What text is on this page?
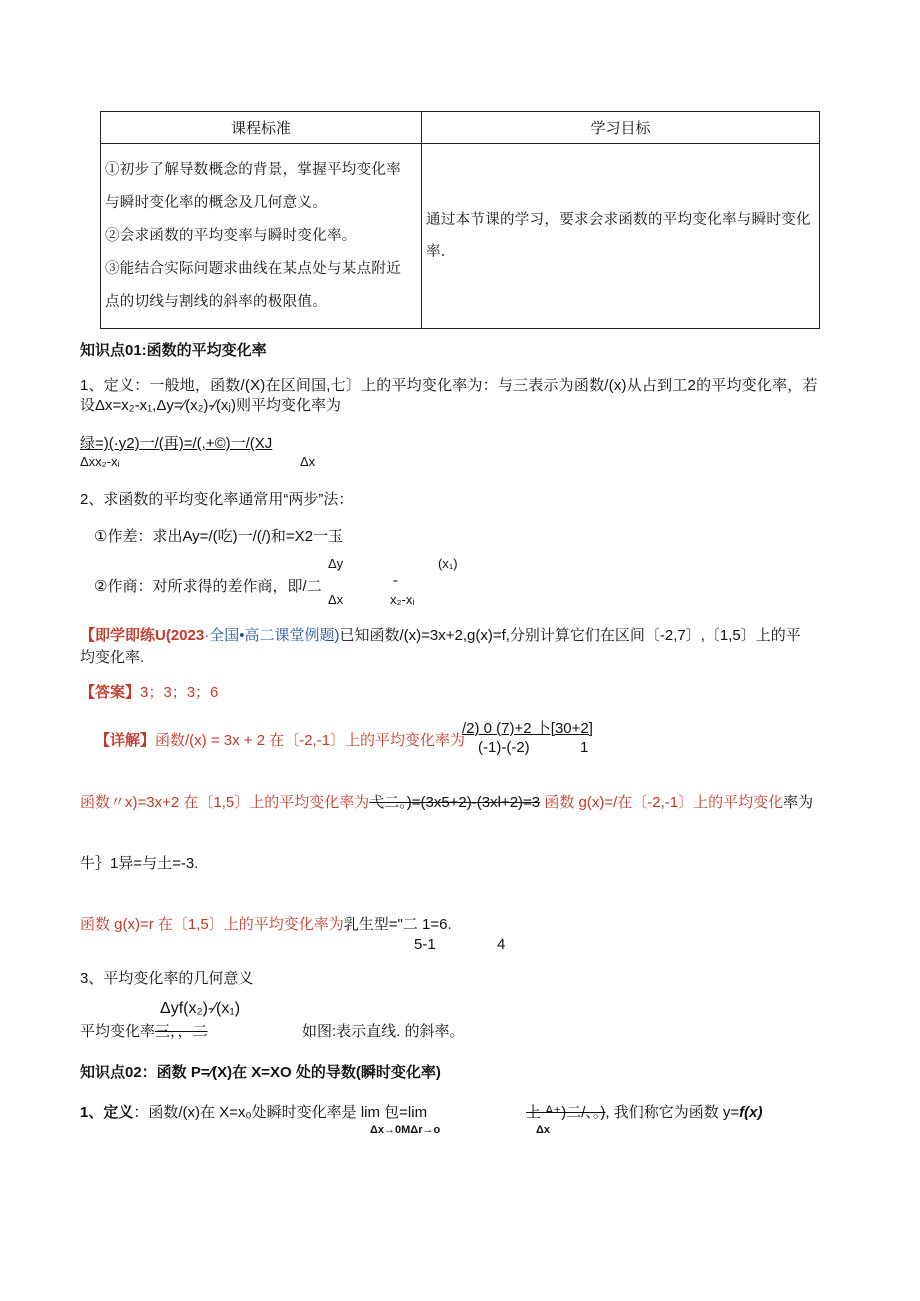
课程标准	学习目标

①初步了解导数概念的背景，掌握平均变化率
与瞬时变化率的概念及几何意义。
②会求函数的平均变率与瞬时变化率。
③能结合实际问题求曲线在某点处与某点附近
点的切线与割线的斜率的极限值。	通过本节课的学习，要求会求函数的平均变化率与瞬时变化率.
知识点01:函数的平均变化率
1、定义：一般地，函数/(X)在区间国,七〕上的平均变化率为：与三表示为函数/(x)从占到工2的平均变化率，若
设Δx=x₂-x₁,Δy=∕(x₂)-∕(xⱼ)则平均变化率为
绿=)(·y2)一/(再)=/(,+©)一/(XJ
Δxx₂-xᵢ	Δx
2、求函数的平均变化率通常用“两步”法：
①作差：求出Ay=/(吃)一/(/)和=X2一玉
Δy	(x₁)
②作商：对所求得的差作商，即/二	-
Δx	x₂-xᵢ
【即学即练U(2023·全国•高二课堂例题)已知函数/(x)=3x+2,g(x)=f,分别计算它们在区间〔-2,7〕,〔1,5〕上的平
均变化率.
【答案】3；3；3；6
【详解】函数/(x) = 3x + 2 在〔-2,-1〕上的平均变化率为
/2) 0 (7)+2 卜[30+2]
(-1)-(-2)	1
函数〃x)=3x+2 在〔1,5〕上的平均变化率为弋二。)=(3x5+2)-(3xl+2)=3 函数 g(x)=/在〔-2,-1〕上的平均变化率为
牛｝1异=与土=-3.
函数 g(x)=r 在〔1,5〕上的平均变化率为乳生型="二 1=6.
5-1	4
3、平均变化率的几何意义
Δyf(x₂)-∕(x₁)
平均变化率三，，二	如图:表示直线. 的斜率。
知识点02：函数 P=∕(X)在 X=XO 处的导数(瞬时变化率)
1、定义：函数/(x)在 X=x₀处瞬时变化率是 lim 包=lim
Δx→0MΔr→o
上 ᐞ⁺)二/、。), 我们称它为函数 y=f(x)
Δx
